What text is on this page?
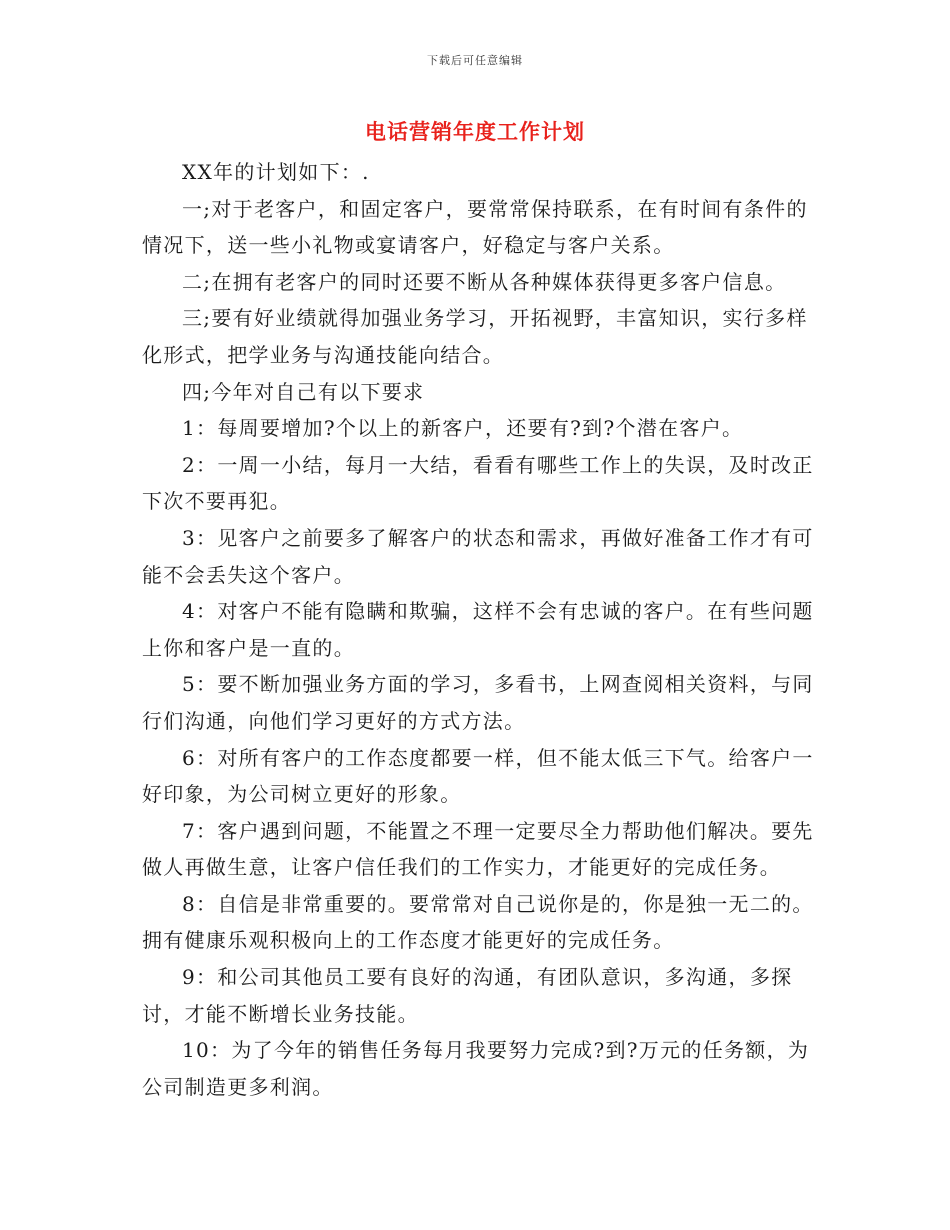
下载后可任意编辑
电话营销年度工作计划

XX年的计划如下：.

一;对于老客户，和固定客户，要常常保持联系，在有时间有条件的情况下，送一些小礼物或宴请客户，好稳定与客户关系。

二;在拥有老客户的同时还要不断从各种媒体获得更多客户信息。

三;要有好业绩就得加强业务学习，开拓视野，丰富知识，实行多样化形式，把学业务与沟通技能向结合。

四;今年对自己有以下要求

1：每周要增加?个以上的新客户，还要有?到?个潜在客户。

2：一周一小结，每月一大结，看看有哪些工作上的失误，及时改正下次不要再犯。

3：见客户之前要多了解客户的状态和需求，再做好准备工作才有可能不会丢失这个客户。

4：对客户不能有隐瞒和欺骗，这样不会有忠诚的客户。在有些问题上你和客户是一直的。

5：要不断加强业务方面的学习，多看书，上网查阅相关资料，与同行们沟通，向他们学习更好的方式方法。

6：对所有客户的工作态度都要一样，但不能太低三下气。给客户一好印象，为公司树立更好的形象。

7：客户遇到问题，不能置之不理一定要尽全力帮助他们解决。要先做人再做生意，让客户信任我们的工作实力，才能更好的完成任务。

8：自信是非常重要的。要常常对自己说你是的，你是独一无二的。拥有健康乐观积极向上的工作态度才能更好的完成任务。

9：和公司其他员工要有良好的沟通，有团队意识，多沟通，多探讨，才能不断增长业务技能。

10：为了今年的销售任务每月我要努力完成?到?万元的任务额，为公司制造更多利润。
